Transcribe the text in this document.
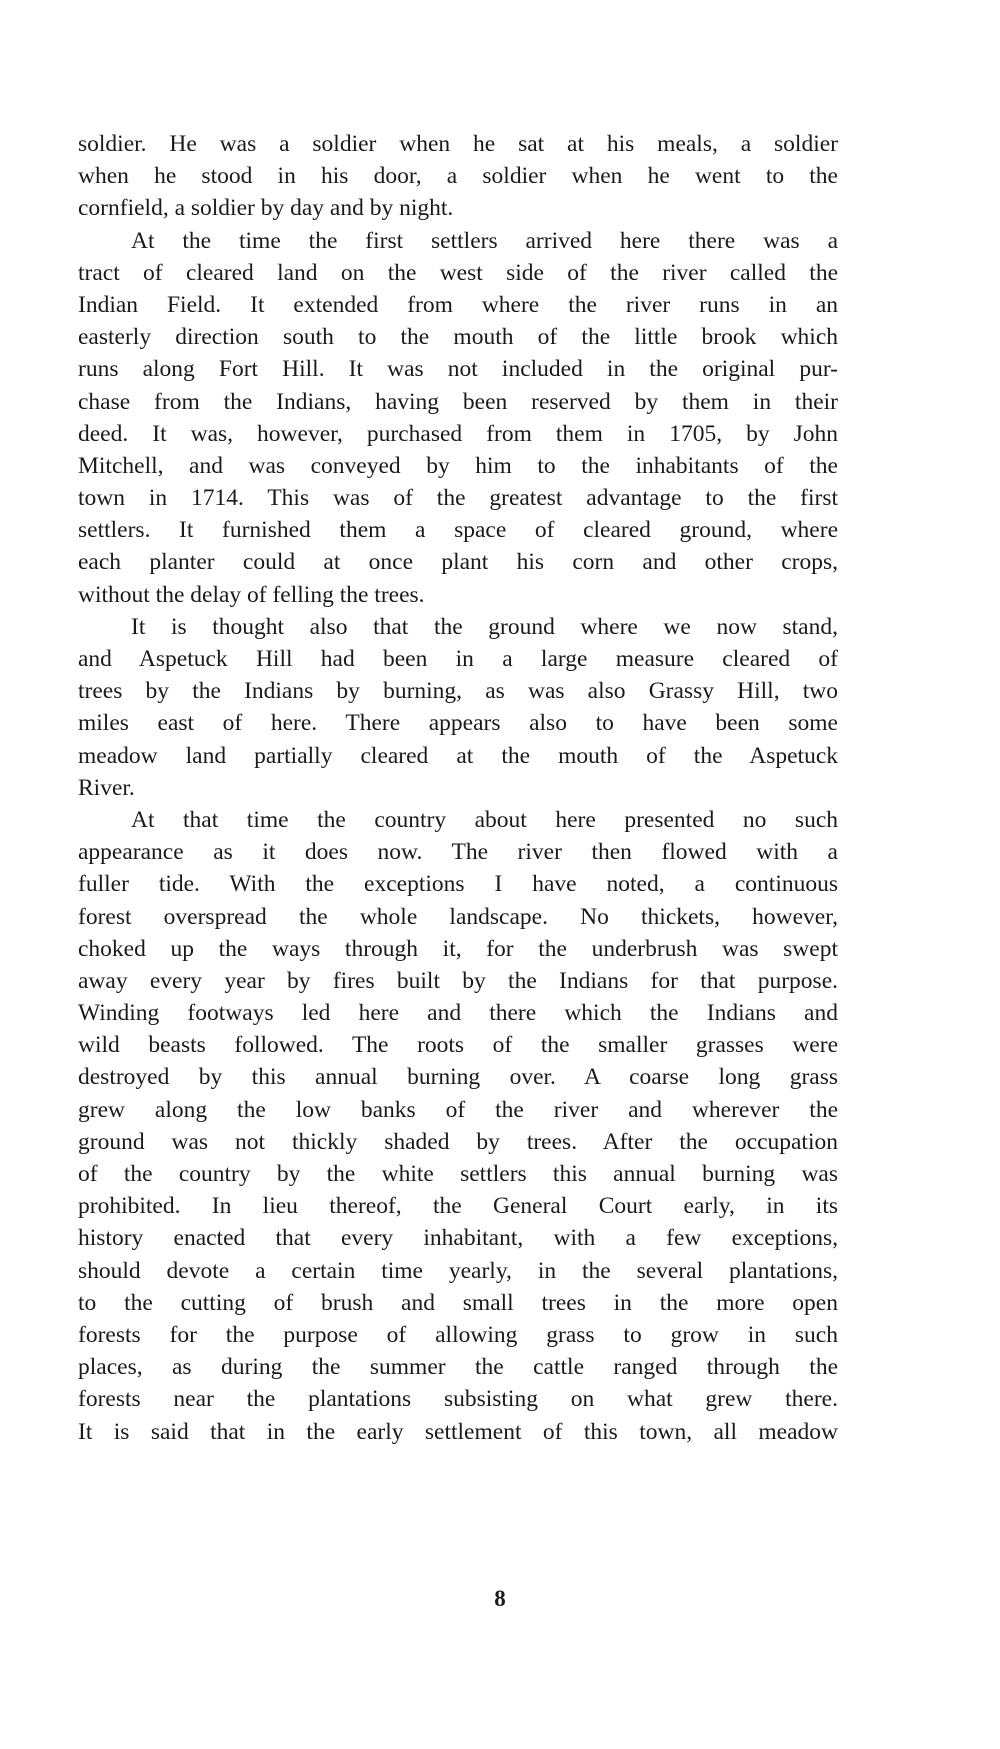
soldier. He was a soldier when he sat at his meals, a soldier
when he stood in his door, a soldier when he went to the
cornfield, a soldier by day and by night.
At the time the first settlers arrived here there was a
tract of cleared land on the west side of the river called the
Indian Field. It extended from where the river runs in an
easterly direction south to the mouth of the little brook which
runs along Fort Hill. It was not included in the original pur-
chase from the Indians, having been reserved by them in their
deed. It was, however, purchased from them in 1705, by John
Mitchell, and was conveyed by him to the inhabitants of the
town in 1714. This was of the greatest advantage to the first
settlers. It furnished them a space of cleared ground, where
each planter could at once plant his corn and other crops,
without the delay of felling the trees.
It is thought also that the ground where we now stand,
and Aspetuck Hill had been in a large measure cleared of
trees by the Indians by burning, as was also Grassy Hill, two
miles east of here. There appears also to have been some
meadow land partially cleared at the mouth of the Aspetuck
River.
At that time the country about here presented no such
appearance as it does now. The river then flowed with a
fuller tide. With the exceptions I have noted, a continuous
forest overspread the whole landscape. No thickets, however,
choked up the ways through it, for the underbrush was swept
away every year by fires built by the Indians for that purpose.
Winding footways led here and there which the Indians and
wild beasts followed. The roots of the smaller grasses were
destroyed by this annual burning over. A coarse long grass
grew along the low banks of the river and wherever the
ground was not thickly shaded by trees. After the occupation
of the country by the white settlers this annual burning was
prohibited. In lieu thereof, the General Court early, in its
history enacted that every inhabitant, with a few exceptions,
should devote a certain time yearly, in the several plantations,
to the cutting of brush and small trees in the more open
forests for the purpose of allowing grass to grow in such
places, as during the summer the cattle ranged through the
forests near the plantations subsisting on what grew there.
It is said that in the early settlement of this town, all meadow
8
